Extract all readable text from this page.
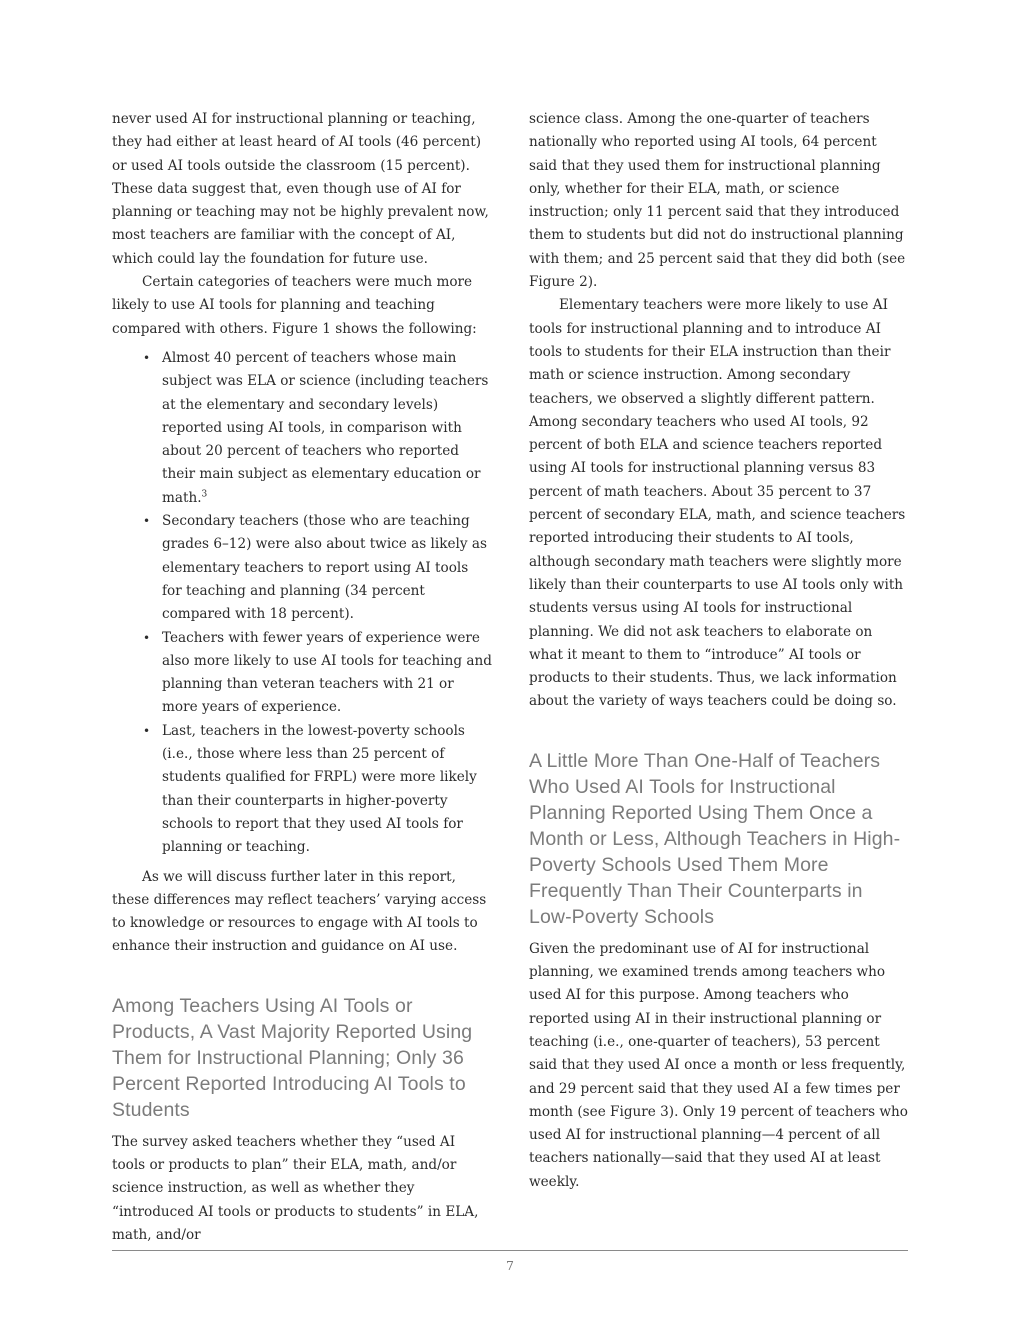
never used AI for instructional planning or teaching, they had either at least heard of AI tools (46 percent) or used AI tools outside the classroom (15 percent). These data suggest that, even though use of AI for planning or teaching may not be highly prevalent now, most teachers are familiar with the concept of AI, which could lay the foundation for future use.

Certain categories of teachers were much more likely to use AI tools for planning and teaching compared with others. Figure 1 shows the following:

• Almost 40 percent of teachers whose main subject was ELA or science (including teachers at the elementary and secondary levels) reported using AI tools, in comparison with about 20 percent of teachers who reported their main subject as elementary education or math.$^3$
• Secondary teachers (those who are teaching grades 6–12) were also about twice as likely as elementary teachers to report using AI tools for teaching and planning (34 percent compared with 18 percent).
• Teachers with fewer years of experience were also more likely to use AI tools for teaching and planning than veteran teachers with 21 or more years of experience.
• Last, teachers in the lowest-poverty schools (i.e., those where less than 25 percent of students qualified for FRPL) were more likely than their counterparts in higher-poverty schools to report that they used AI tools for planning or teaching.

As we will discuss further later in this report, these differences may reflect teachers’ varying access to knowledge or resources to engage with AI tools to enhance their instruction and guidance on AI use.

Among Teachers Using AI Tools or Products, A Vast Majority Reported Using Them for Instructional Planning; Only 36 Percent Reported Introducing AI Tools to Students

The survey asked teachers whether they “used AI tools or products to plan” their ELA, math, and/or science instruction, as well as whether they “introduced AI tools or products to students” in ELA, math, and/or

science class. Among the one-quarter of teachers nationally who reported using AI tools, 64 percent said that they used them for instructional planning only, whether for their ELA, math, or science instruction; only 11 percent said that they introduced them to students but did not do instructional planning with them; and 25 percent said that they did both (see Figure 2).

Elementary teachers were more likely to use AI tools for instructional planning and to introduce AI tools to students for their ELA instruction than their math or science instruction. Among secondary teachers, we observed a slightly different pattern. Among secondary teachers who used AI tools, 92 percent of both ELA and science teachers reported using AI tools for instructional planning versus 83 percent of math teachers. About 35 percent to 37 percent of secondary ELA, math, and science teachers reported introducing their students to AI tools, although secondary math teachers were slightly more likely than their counterparts to use AI tools only with students versus using AI tools for instructional planning. We did not ask teachers to elaborate on what it meant to them to “introduce” AI tools or products to their students. Thus, we lack information about the variety of ways teachers could be doing so.

A Little More Than One-Half of Teachers Who Used AI Tools for Instructional Planning Reported Using Them Once a Month or Less, Although Teachers in High-Poverty Schools Used Them More Frequently Than Their Counterparts in Low-Poverty Schools

Given the predominant use of AI for instructional planning, we examined trends among teachers who used AI for this purpose. Among teachers who reported using AI in their instructional planning or teaching (i.e., one-quarter of teachers), 53 percent said that they used AI once a month or less frequently, and 29 percent said that they used AI a few times per month (see Figure 3). Only 19 percent of teachers who used AI for instructional planning—4 percent of all teachers nationally—said that they used AI at least weekly.

7
